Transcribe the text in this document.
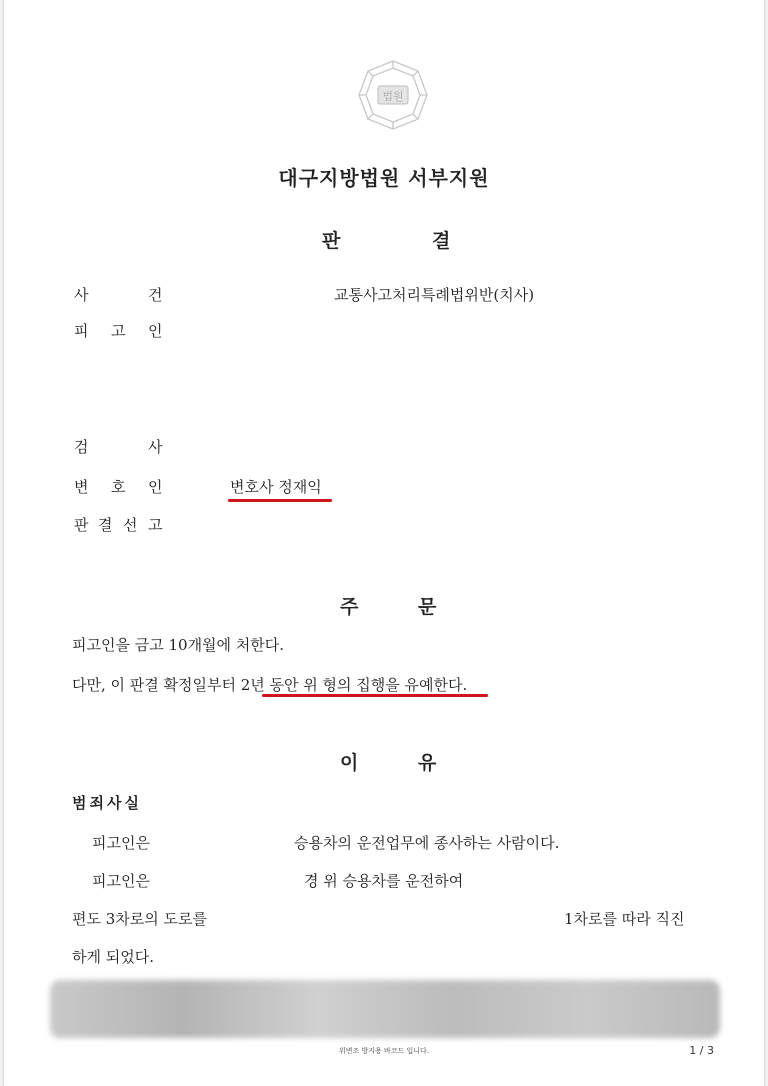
법원
대구지방법원 서부지원
판	결
사	건	교통사고처리특례법위반(치사)
피 고 인
검	사
변 호 인	변호사 정재익
판 결 선 고
주	문
피고인을 금고 10개월에 처한다.
다만, 이 판결 확정일부터 2년 동안 위 형의 집행을 유예한다.
이	유
범죄사실
피고인은	승용차의 운전업무에 종사하는 사람이다.
피고인은	경 위 승용차를 운전하여
편도 3차로의 도로를	1차로를 따라 직진
하게 되었다.
위변조 방지용 바코드 입니다.	1 / 3
